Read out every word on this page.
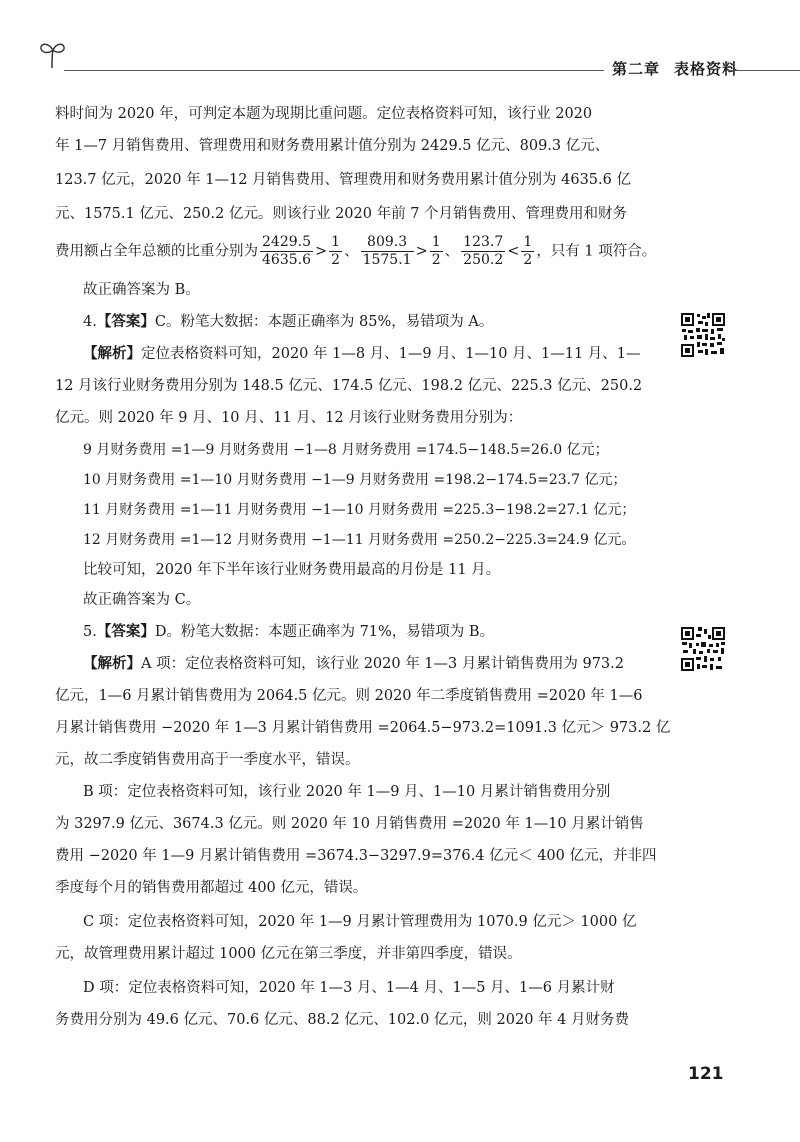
第二章 表格资料
料时间为 2020 年，可判定本题为现期比重问题。定位表格资料可知，该行业 2020
年 1—7 月销售费用、管理费用和财务费用累计值分别为 2429.5 亿元、809.3 亿元、
123.7 亿元，2020 年 1—12 月销售费用、管理费用和财务费用累计值分别为 4635.6 亿
元、1575.1 亿元、250.2 亿元。则该行业 2020 年前 7 个月销售费用、管理费用和财务
费用额占全年总额的比重分别为 $\frac{2429.5}{4635.6} > \frac{1}{2}$ 、 $\frac{809.3}{1575.1} > \frac{1}{2}$ 、 $\frac{123.7}{250.2} < \frac{1}{2}$ ，只有 1 项符合。
故正确答案为 B。
4.【答案】C。粉笔大数据：本题正确率为 85%，易错项为 A。
【解析】定位表格资料可知，2020 年 1—8 月、1—9 月、1—10 月、1—11 月、1—
12 月该行业财务费用分别为 148.5 亿元、174.5 亿元、198.2 亿元、225.3 亿元、250.2
亿元。则 2020 年 9 月、10 月、11 月、12 月该行业财务费用分别为：
9 月财务费用 =1—9 月财务费用 −1—8 月财务费用 =174.5−148.5=26.0 亿元；
10 月财务费用 =1—10 月财务费用 −1—9 月财务费用 =198.2−174.5=23.7 亿元；
11 月财务费用 =1—11 月财务费用 −1—10 月财务费用 =225.3−198.2=27.1 亿元；
12 月财务费用 =1—12 月财务费用 −1—11 月财务费用 =250.2−225.3=24.9 亿元。
比较可知，2020 年下半年该行业财务费用最高的月份是 11 月。
故正确答案为 C。
5.【答案】D。粉笔大数据：本题正确率为 71%，易错项为 B。
【解析】A 项：定位表格资料可知，该行业 2020 年 1—3 月累计销售费用为 973.2
亿元，1—6 月累计销售费用为 2064.5 亿元。则 2020 年二季度销售费用 =2020 年 1—6
月累计销售费用 −2020 年 1—3 月累计销售费用 =2064.5−973.2=1091.3 亿元＞ 973.2 亿
元，故二季度销售费用高于一季度水平，错误。
B 项：定位表格资料可知，该行业 2020 年 1—9 月、1—10 月累计销售费用分别
为 3297.9 亿元、3674.3 亿元。则 2020 年 10 月销售费用 =2020 年 1—10 月累计销售
费用 −2020 年 1—9 月累计销售费用 =3674.3−3297.9=376.4 亿元＜ 400 亿元，并非四
季度每个月的销售费用都超过 400 亿元，错误。
C 项：定位表格资料可知，2020 年 1—9 月累计管理费用为 1070.9 亿元＞ 1000 亿
元，故管理费用累计超过 1000 亿元在第三季度，并非第四季度，错误。
D 项：定位表格资料可知，2020 年 1—3 月、1—4 月、1—5 月、1—6 月累计财
务费用分别为 49.6 亿元、70.6 亿元、88.2 亿元、102.0 亿元，则 2020 年 4 月财务费
121
